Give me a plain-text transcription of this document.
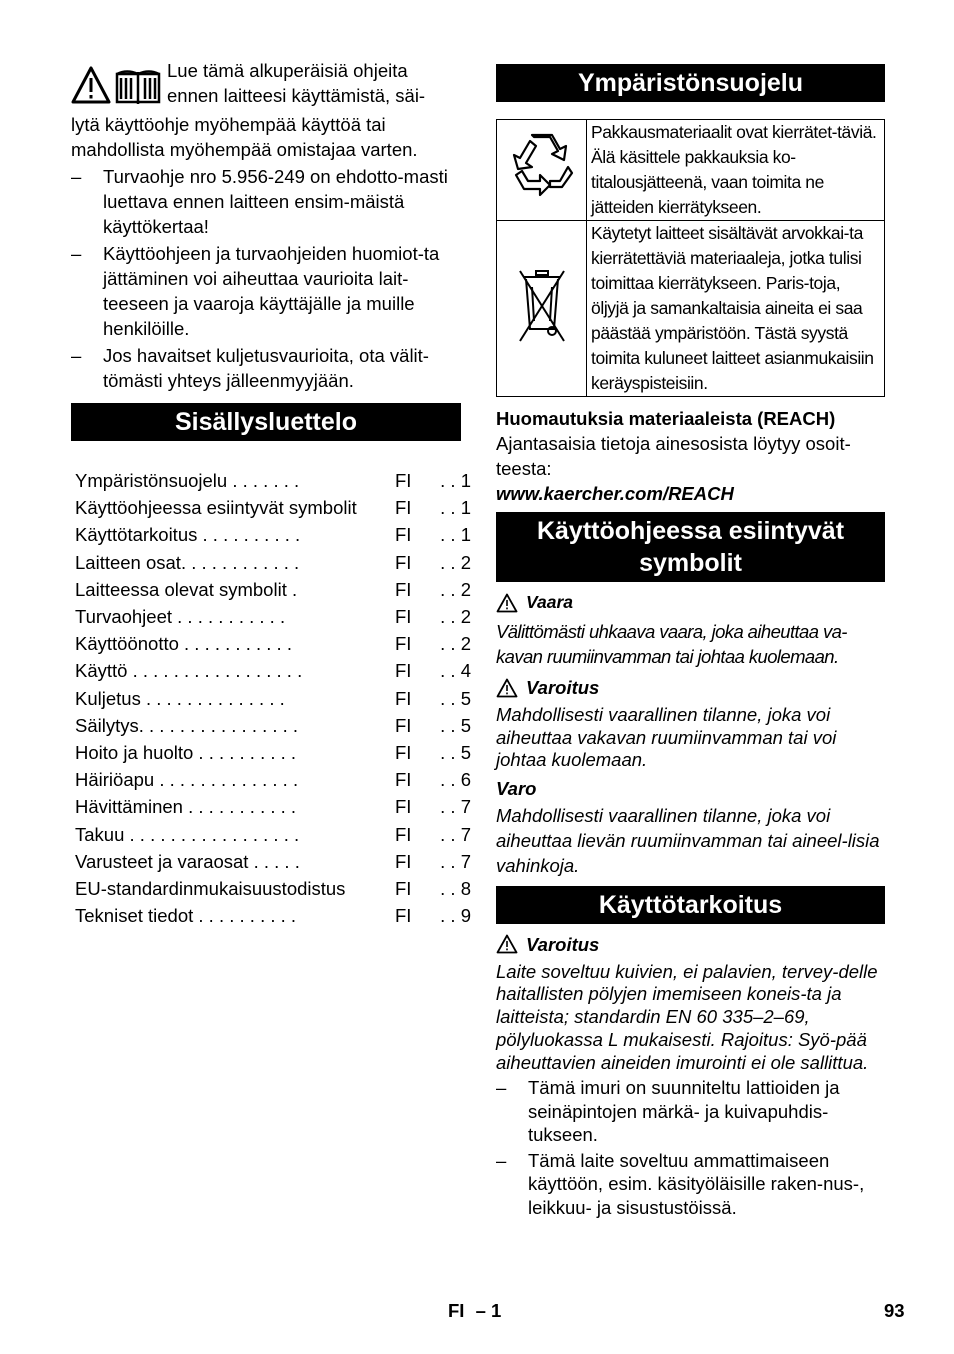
Lue tämä alkuperäisiä ohjeita
ennen laitteesi käyttämistä, säi-

lytä käyttöohje myöhempää käyttöä tai mahdollista myöhempää omistajaa varten.

– Turvaohje nro 5.956-249 on ehdotto-masti luettava ennen laitteen ensim-mäistä käyttökertaa!
– Käyttöohjeen ja turvaohjeiden huomiot-ta jättäminen voi aiheuttaa vaurioita lait-teeseen ja vaaroja käyttäjälle ja muille henkilöille.
– Jos havaitset kuljetusvaurioita, ota välit-tömästi yhteys jälleenmyyjään.
Sisällysluettelo
Ympäristönsuojelu . . . . . . .	FI	. . 1
Käyttöohjeessa esiintyvät symbolit	FI	. . 1
Käyttötarkoitus . . . . . . . . . .	FI	. . 1
Laitteen osat. . . . . . . . . . . .	FI	. . 2
Laitteessa olevat symbolit .	FI	. . 2
Turvaohjeet . . . . . . . . . . .	FI	. . 2
Käyttöönotto . . . . . . . . . . .	FI	. . 2
Käyttö . . . . . . . . . . . . . . . . .	FI	. . 4
Kuljetus . . . . . . . . . . . . . .	FI	. . 5
Säilytys. . . . . . . . . . . . . . . .	FI	. . 5
Hoito ja huolto . . . . . . . . . .	FI	. . 5
Häiriöapu . . . . . . . . . . . . . .	FI	. . 6
Hävittäminen . . . . . . . . . . .	FI	. . 7
Takuu . . . . . . . . . . . . . . . . .	FI	. . 7
Varusteet ja varaosat . . . . .	FI	. . 7
EU-standardinmukaisuustodistus	FI	. . 8
Tekniset tiedot . . . . . . . . . .	FI	. . 9
Ympäristönsuojelu
	Pakkausmateriaalit ovat kierrätet-täviä. Älä käsittele pakkauksia ko-titalousjätteenä, vaan toimita ne jätteiden kierrätykseen.
	Käytetyt laitteet sisältävät arvokkai-ta kierrätettäviä materiaaleja, jotka tulisi toimittaa kierrätykseen. Paris-toja, öljyjä ja samankaltaisia aineita ei saa päästää ympäristöön. Tästä syystä toimita kuluneet laitteet asianmukaisiin keräyspisteisiin.
Huomautuksia materiaaleista (REACH)
Ajantasaisia tietoja ainesosista löytyy osoit-teesta:
www.kaercher.com/REACH
Käyttöohjeessa esiintyvät symbolit
Vaara
Välittömästi uhkaava vaara, joka aiheuttaa va-kavan ruumiinvamman tai johtaa kuolemaan.
Varoitus
Mahdollisesti vaarallinen tilanne, joka voi aiheuttaa vakavan ruumiinvamman tai voi johtaa kuolemaan.
Varo
Mahdollisesti vaarallinen tilanne, joka voi aiheuttaa lievän ruumiinvamman tai aineel-lisia vahinkoja.
Käyttötarkoitus
Varoitus
Laite soveltuu kuivien, ei palavien, tervey-delle haitallisten pölyjen imemiseen koneis-ta ja laitteista; standardin EN 60 335–2–69, pölyluokassa L mukaisesti. Rajoitus: Syö-pää aiheuttavien aineiden imurointi ei ole sallittua.
– Tämä imuri on suunniteltu lattioiden ja seinäpintojen märkä- ja kuivapuhdis-tukseen.
– Tämä laite soveltuu ammattimaiseen käyttöön, esim. käsityöläisille raken-nus-, leikkuu- ja sisustustöissä.
FI – 1	93
